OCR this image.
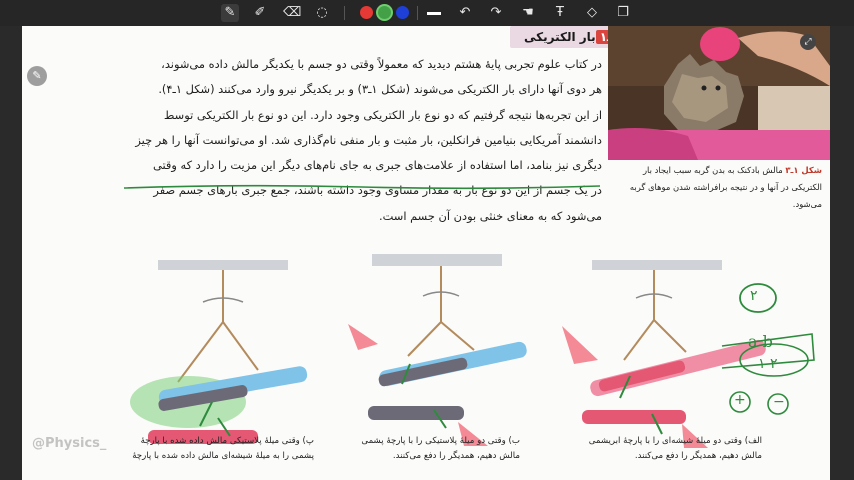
✎ ✐ ⌫ ◌	↶ ↷ ☚	Ŧ	◇	❐
۱بار الکتریکی
در کتاب علوم تجربی پایهٔ هشتم دیدید که معمولاً وقتی دو جسم با یکدیگر مالش داده می‌شوند،
هر دوی آنها دارای بار الکتریکی می‌شوند (شکل ۱ـ۳) و بر یکدیگر نیرو وارد می‌کنند (شکل ۱ـ۴).
از این تجربه‌ها نتیجه گرفتیم که دو نوع بار الکتریکی وجود دارد. این دو نوع بار الکتریکی توسط
دانشمند آمریکایی بنیامین فرانکلین، بار مثبت و بار منفی نام‌گذاری شد. او می‌توانست آنها را هر چیز
دیگری نیز بنامد، اما استفاده از علامت‌های جبری به جای نام‌های دیگر این مزیت را دارد که وقتی
در یک جسم از این دو نوع بار به مقدار مساوی وجود داشته باشند، جمع جبری بارهای جسم صفر
می‌شود که به معنای خنثی بودن آن جسم است.
شکل ۱ـ۳ مالش بادکنک به بدن گربه سبب ایجاد بار الکتریکی در آنها و در نتیجه برافراشته شدن موهای گربه می‌شود.
الف) وقتی دو میلهٔ شیشه‌ای را با پارچهٔ ابریشمی مالش دهیم، همدیگر را دفع می‌کنند.
ب) وقتی دو میلهٔ پلاستیکی را با پارچهٔ پشمی مالش دهیم، همدیگر را دفع می‌کنند.
پ) وقتی میلهٔ پلاستیکی مالش داده شده با پارچهٔ پشمی را به میلهٔ شیشه‌ای مالش داده شده با پارچهٔ
۲
a b
۱ ۲
+ −
@Physics_
✎
⤢
